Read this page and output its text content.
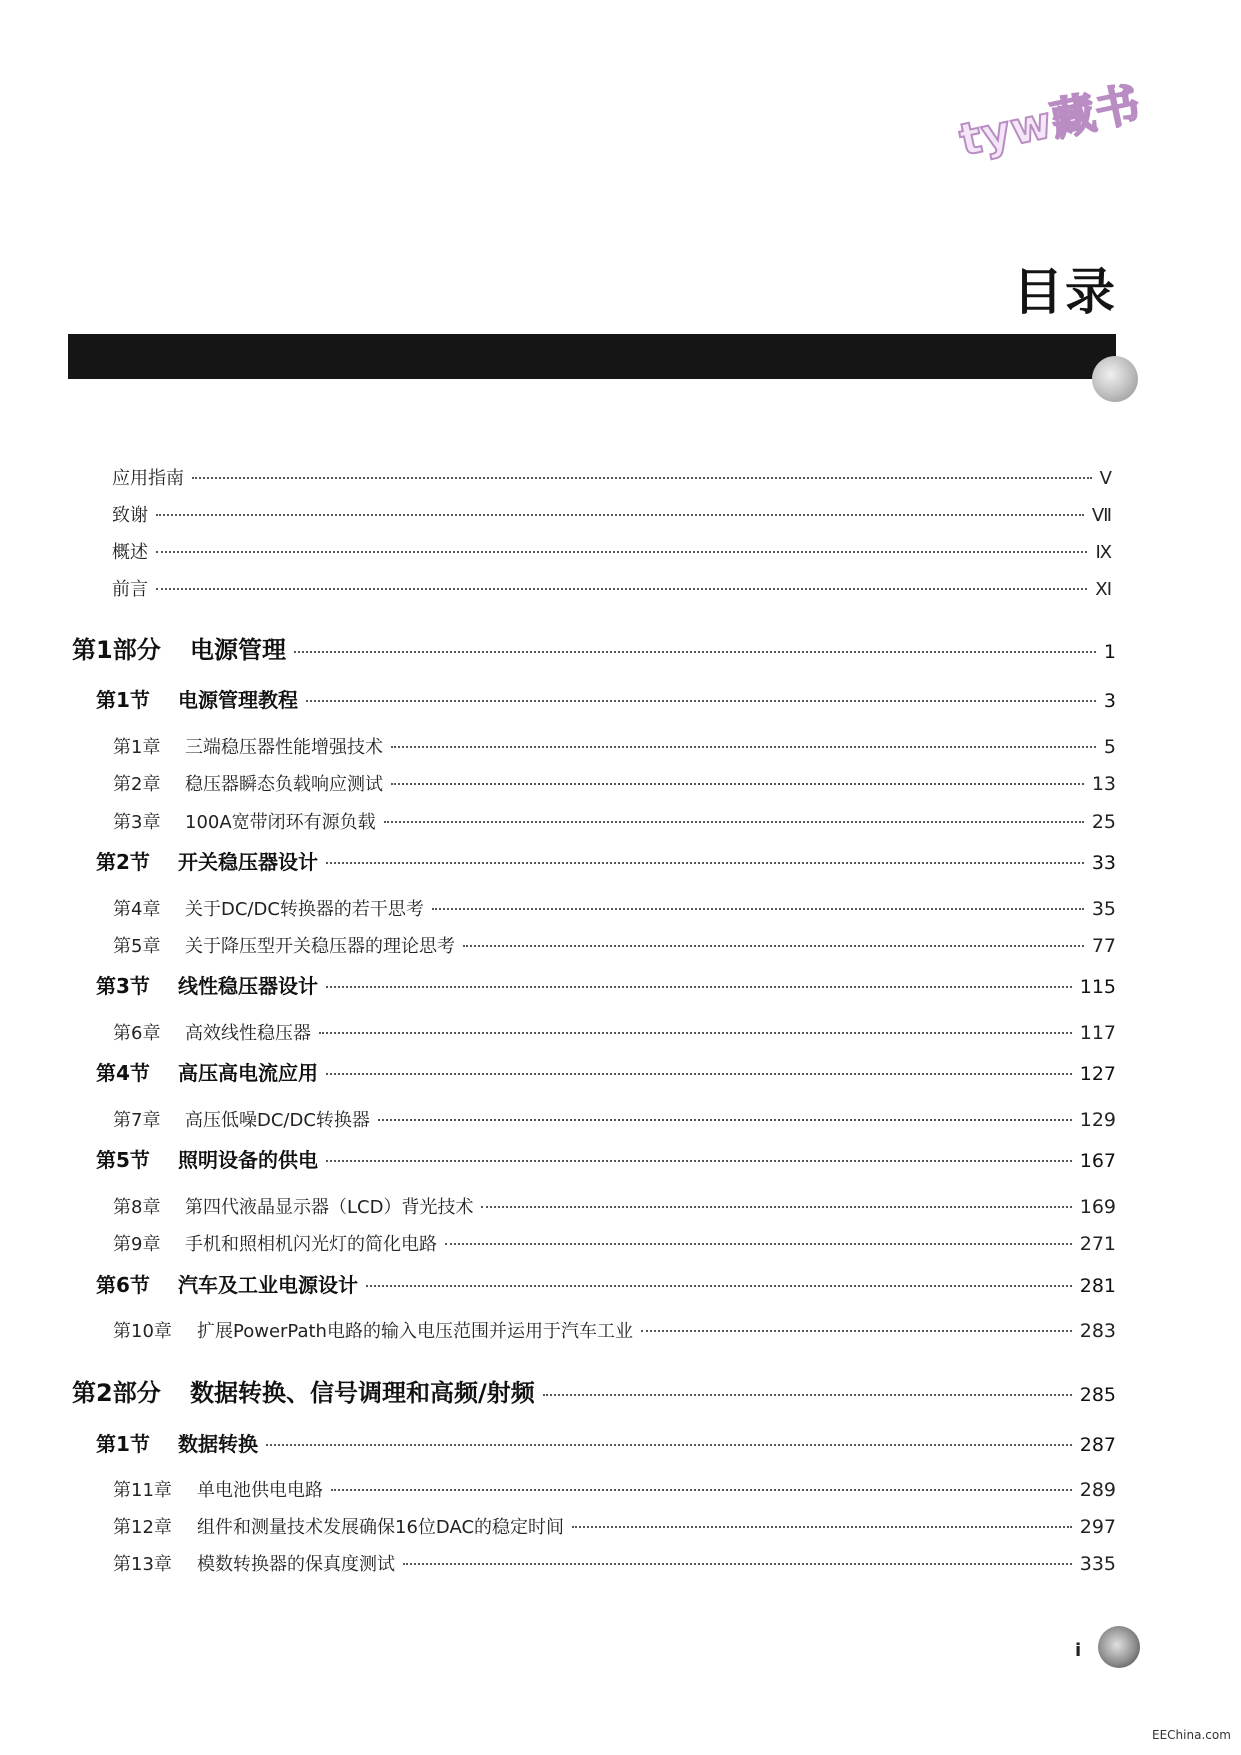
tyw藏书
目录
应用指南	V
致谢	Ⅶ
概述	Ⅸ
前言	Ⅺ
第1部分	电源管理	1
第1节	电源管理教程	3
第1章	三端稳压器性能增强技术	5
第2章	稳压器瞬态负载响应测试	13
第3章	100A宽带闭环有源负载	25
第2节	开关稳压器设计	33
第4章	关于DC/DC转换器的若干思考	35
第5章	关于降压型开关稳压器的理论思考	77
第3节	线性稳压器设计	115
第6章	高效线性稳压器	117
第4节	高压高电流应用	127
第7章	高压低噪DC/DC转换器	129
第5节	照明设备的供电	167
第8章	第四代液晶显示器（LCD）背光技术	169
第9章	手机和照相机闪光灯的简化电路	271
第6节	汽车及工业电源设计	281
第10章	扩展PowerPath电路的输入电压范围并运用于汽车工业	283
第2部分	数据转换、信号调理和高频/射频	285
第1节	数据转换	287
第11章	单电池供电电路	289
第12章	组件和测量技术发展确保16位DAC的稳定时间	297
第13章	模数转换器的保真度测试	335
i
EEChina.com
